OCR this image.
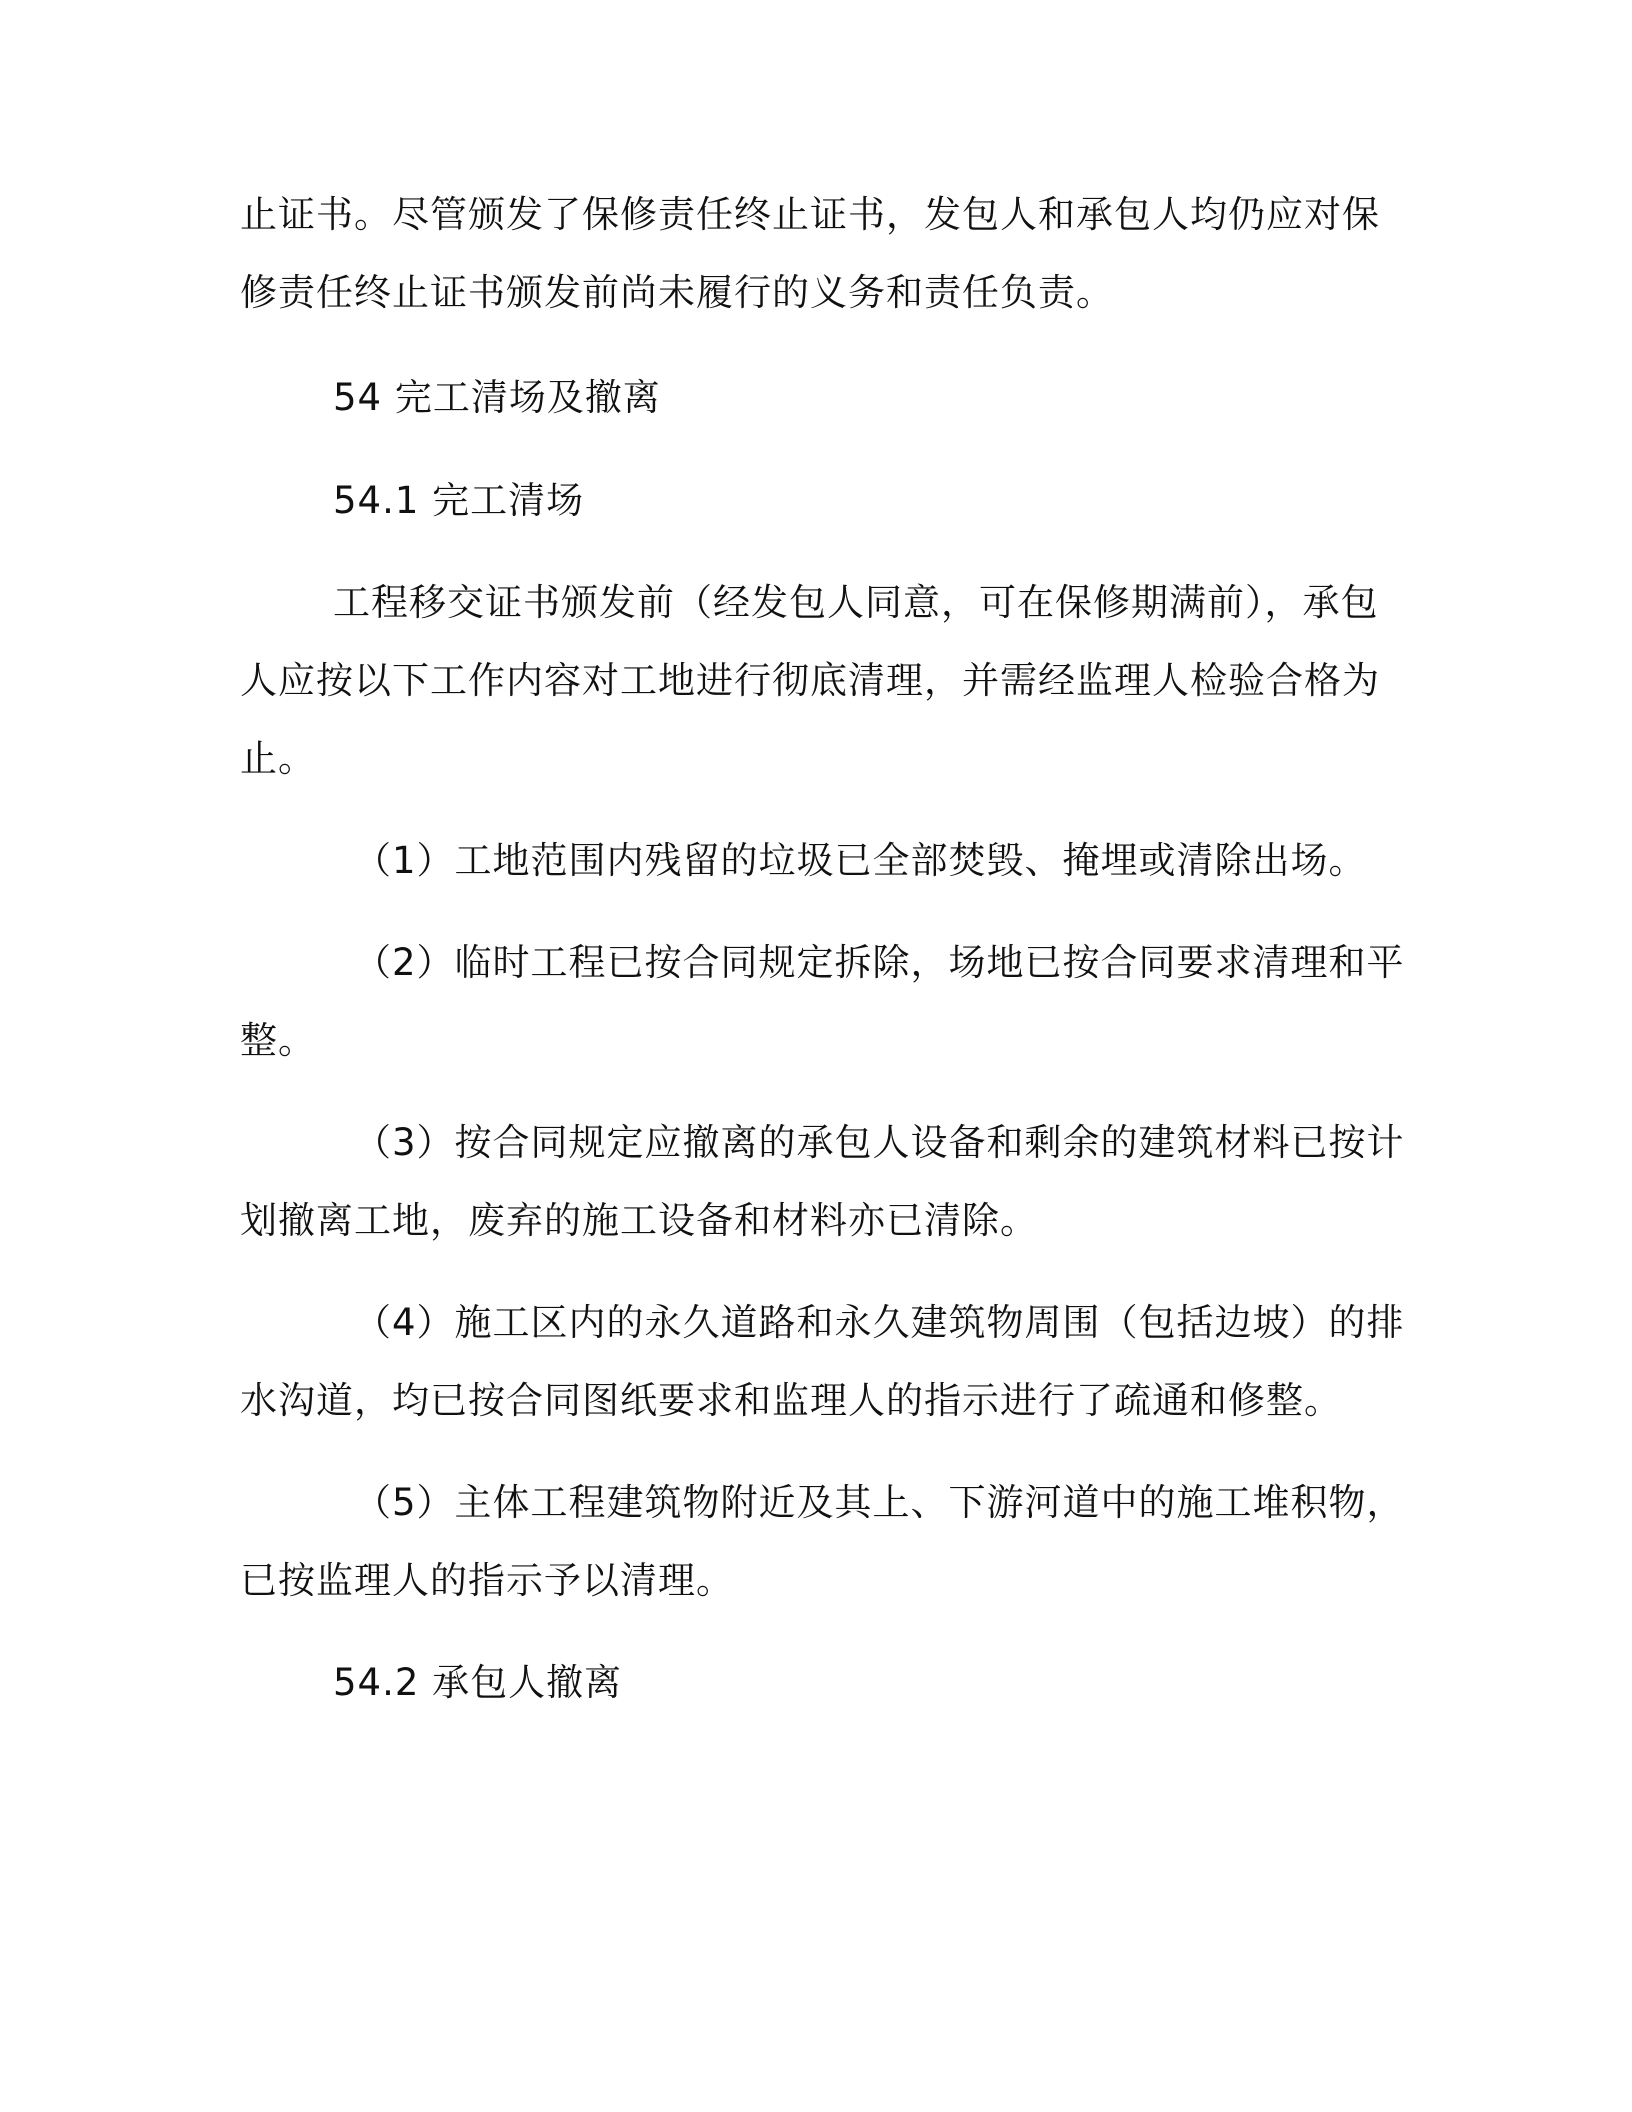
止证书。尽管颁发了保修责任终止证书，发包人和承包人均仍应对保
修责任终止证书颁发前尚未履行的义务和责任负责。
54 完工清场及撤离
54.1 完工清场
工程移交证书颁发前（经发包人同意，可在保修期满前），承包
人应按以下工作内容对工地进行彻底清理，并需经监理人检验合格为
止。
（1）工地范围内残留的垃圾已全部焚毁、掩埋或清除出场。
（2）临时工程已按合同规定拆除，场地已按合同要求清理和平
整。
（3）按合同规定应撤离的承包人设备和剩余的建筑材料已按计
划撤离工地，废弃的施工设备和材料亦已清除。
（4）施工区内的永久道路和永久建筑物周围（包括边坡）的排
水沟道，均已按合同图纸要求和监理人的指示进行了疏通和修整。
（5）主体工程建筑物附近及其上、下游河道中的施工堆积物，
已按监理人的指示予以清理。
54.2 承包人撤离
